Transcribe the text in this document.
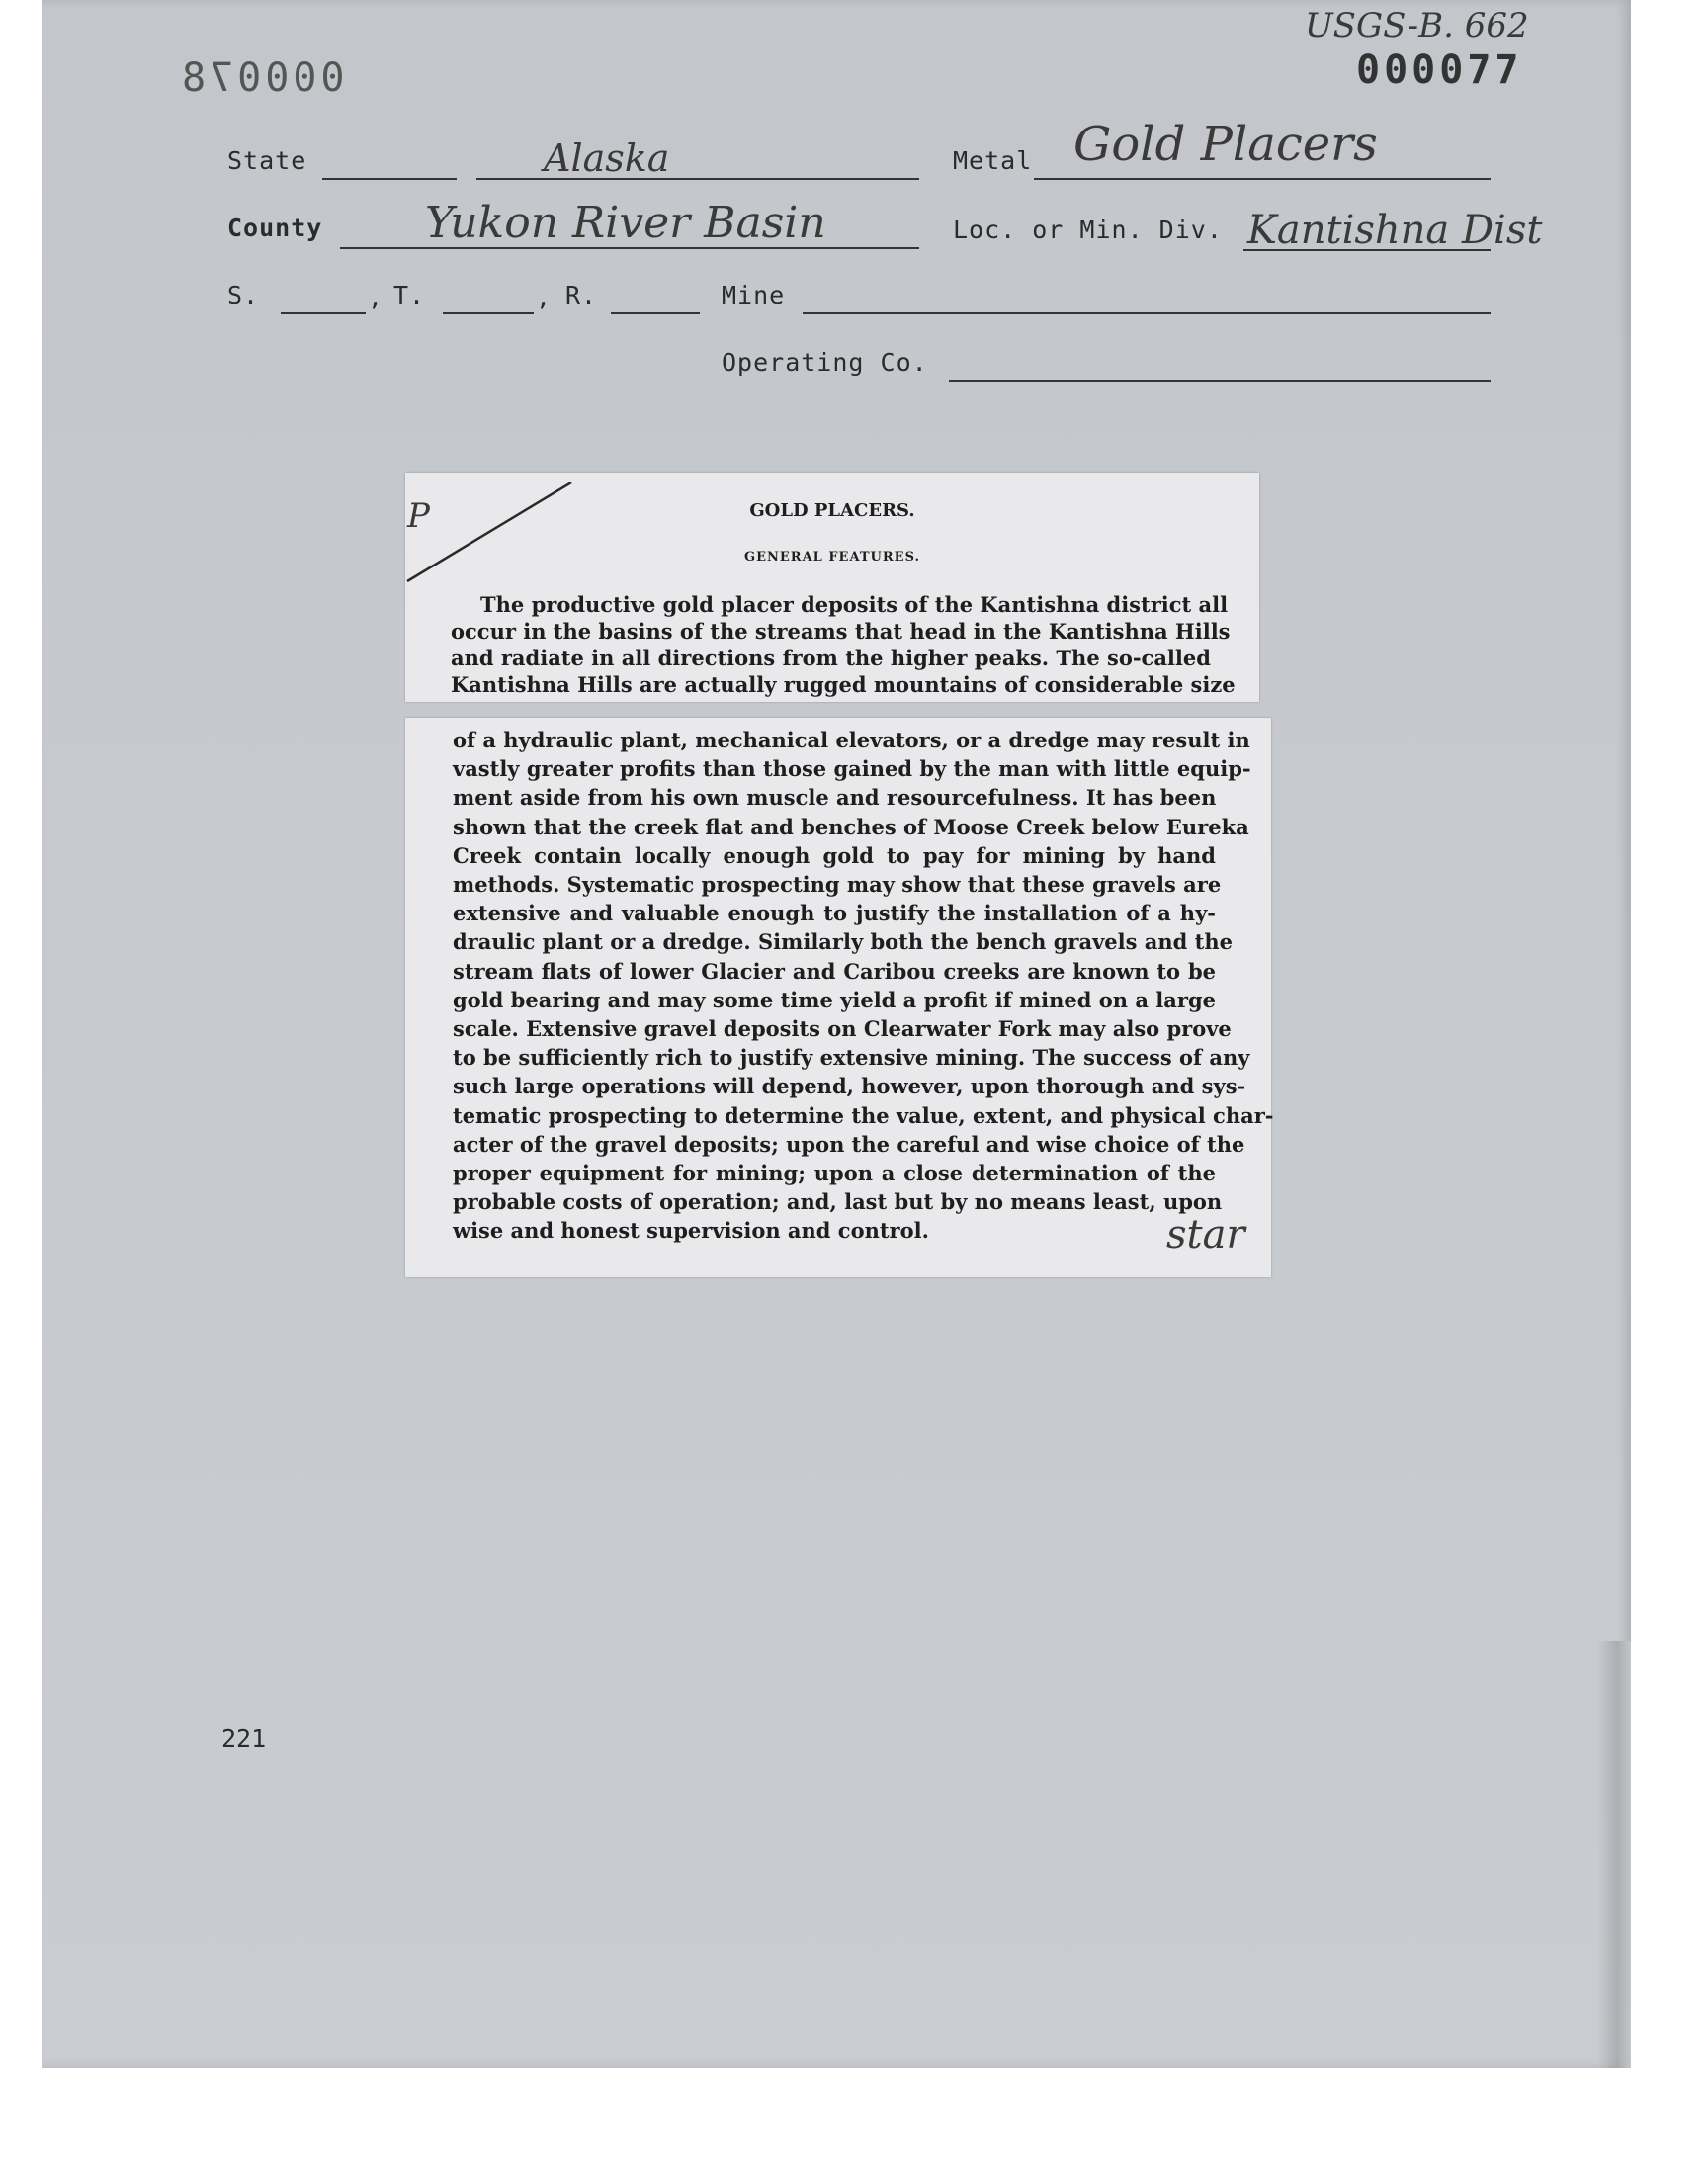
USGS-B. 662
000077
000078
State	Alaska	Metal Gold Placers
County Yukon River Basin	Loc. or Min. Div. Kantishna Dist
S.	, T.	, R.	Mine
Operating Co.
P	GOLD PLACERS.
GENERAL FEATURES.
The productive gold placer deposits of the Kantishna district all
occur in the basins of the streams that head in the Kantishna Hills
and radiate in all directions from the higher peaks. The so-called
Kantishna Hills are actually rugged mountains of considerable size
of a hydraulic plant, mechanical elevators, or a dredge may result in
vastly greater profits than those gained by the man with little equip-
ment aside from his own muscle and resourcefulness. It has been
shown that the creek flat and benches of Moose Creek below Eureka
Creek contain locally enough gold to pay for mining by hand
methods. Systematic prospecting may show that these gravels are
extensive and valuable enough to justify the installation of a hy-
draulic plant or a dredge. Similarly both the bench gravels and the
stream flats of lower Glacier and Caribou creeks are known to be
gold bearing and may some time yield a profit if mined on a large
scale. Extensive gravel deposits on Clearwater Fork may also prove
to be sufficiently rich to justify extensive mining. The success of any
such large operations will depend, however, upon thorough and sys-
tematic prospecting to determine the value, extent, and physical char-
acter of the gravel deposits; upon the careful and wise choice of the
proper equipment for mining; upon a close determination of the
probable costs of operation; and, last but by no means least, upon
wise and honest supervision and control.	star
221
